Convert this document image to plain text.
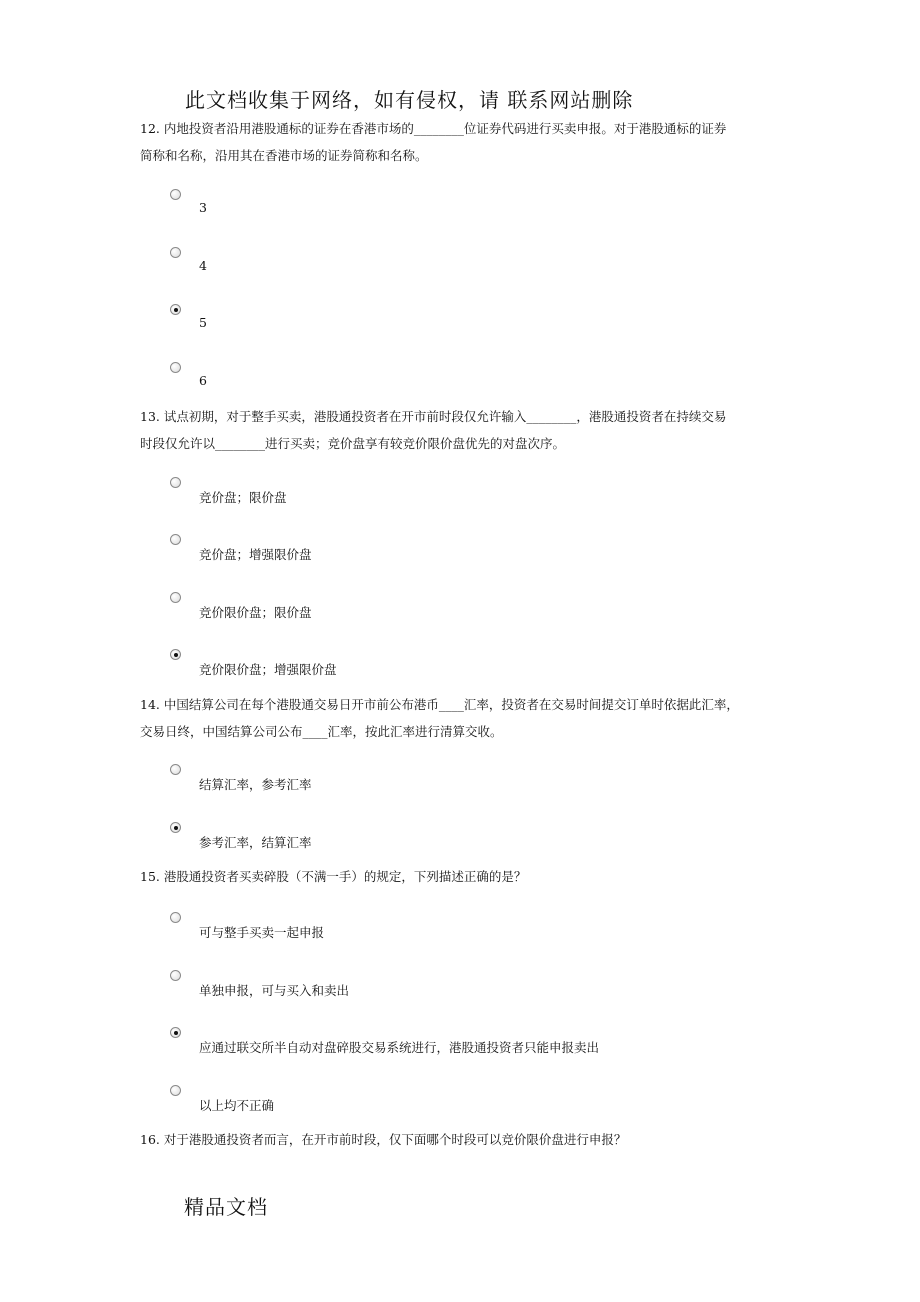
此文档收集于网络，如有侵权，请 联系网站删除
12. 内地投资者沿用港股通标的证券在香港市场的________位证券代码进行买卖申报。对于港股通标的证券
简称和名称，沿用其在香港市场的证券简称和名称。
3
4
5
6
13. 试点初期，对于整手买卖，港股通投资者在开市前时段仅允许输入________，港股通投资者在持续交易
时段仅允许以________进行买卖；竞价盘享有较竞价限价盘优先的对盘次序。
竞价盘；限价盘
竞价盘；增强限价盘
竞价限价盘；限价盘
竞价限价盘；增强限价盘
14. 中国结算公司在每个港股通交易日开市前公布港币____汇率，投资者在交易时间提交订单时依据此汇率，
交易日终，中国结算公司公布____汇率，按此汇率进行清算交收。
结算汇率，参考汇率
参考汇率，结算汇率
15. 港股通投资者买卖碎股（不满一手）的规定，下列描述正确的是？
可与整手买卖一起申报
单独申报，可与买入和卖出
应通过联交所半自动对盘碎股交易系统进行，港股通投资者只能申报卖出
以上均不正确
16. 对于港股通投资者而言，在开市前时段，仅下面哪个时段可以竞价限价盘进行申报？
精品文档
